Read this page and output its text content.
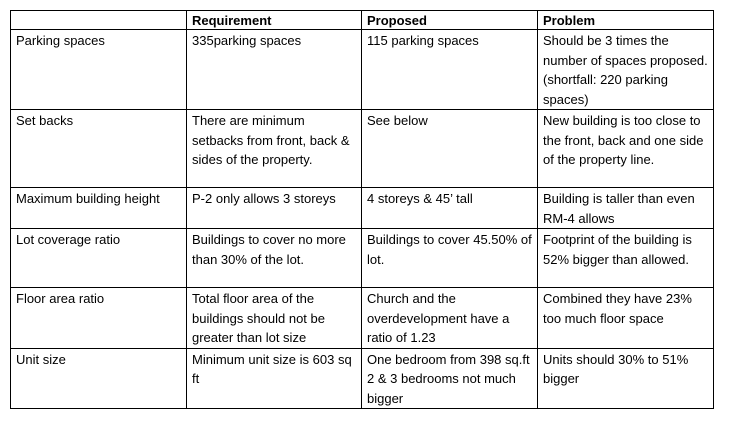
	Requirement	Proposed	Problem
Parking spaces	335parking spaces	115 parking spaces	Should be 3 times the number of spaces proposed. (shortfall: 220 parking spaces)
Set backs	There are minimum setbacks from front, back & sides of the property.	See below	New building is too close to the front, back and one side of the property line.
Maximum building height	P-2 only allows 3 storeys	4 storeys & 45’ tall	Building is taller than even RM-4 allows
Lot coverage ratio	Buildings to cover no more than 30% of the lot.	Buildings to cover 45.50% of lot.	Footprint of the building is 52% bigger than allowed.
Floor area ratio	Total floor area of the buildings should not be greater than lot size	Church and the overdevelopment have a ratio of 1.23	Combined they have 23% too much floor space
Unit size	Minimum unit size is 603 sq ft	One bedroom from 398 sq.ft 2 & 3 bedrooms not much bigger	Units should 30% to 51% bigger
